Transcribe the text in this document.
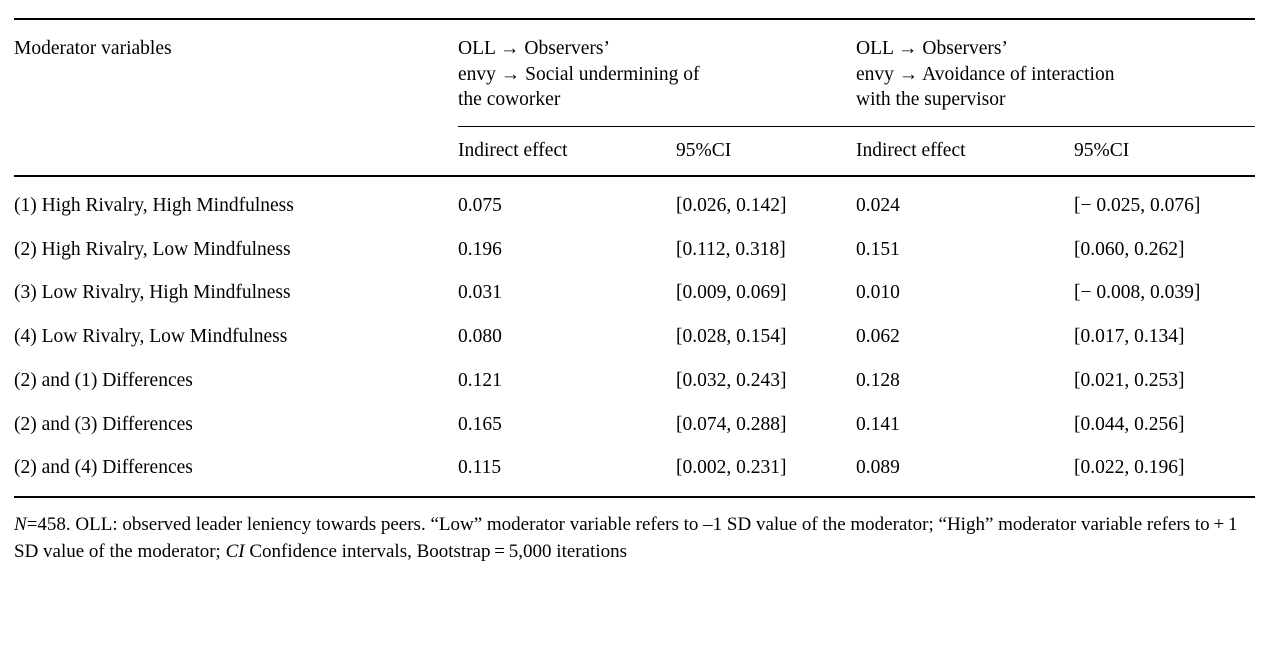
Moderator variables	OLL → Observers’
envy → Social undermining of
the coworker		OLL → Observers’
envy → Avoidance of interaction
with the supervisor	

	Indirect effect	95%CI	Indirect effect	95%CI
(1) High Rivalry, High Mindfulness	0.075	[0.026, 0.142]	0.024	[− 0.025, 0.076]
(2) High Rivalry, Low Mindfulness	0.196	[0.112, 0.318]	0.151	[0.060, 0.262]
(3) Low Rivalry, High Mindfulness	0.031	[0.009, 0.069]	0.010	[− 0.008, 0.039]
(4) Low Rivalry, Low Mindfulness	0.080	[0.028, 0.154]	0.062	[0.017, 0.134]
(2) and (1) Differences	0.121	[0.032, 0.243]	0.128	[0.021, 0.253]
(2) and (3) Differences	0.165	[0.074, 0.288]	0.141	[0.044, 0.256]
(2) and (4) Differences	0.115	[0.002, 0.231]	0.089	[0.022, 0.196]
N=458. OLL: observed leader leniency towards peers. “Low” moderator variable refers to –1 SD value of the moderator; “High” moderator variable refers to + 1 SD value of the moderator; CI Confidence intervals, Bootstrap = 5,000 iterations
